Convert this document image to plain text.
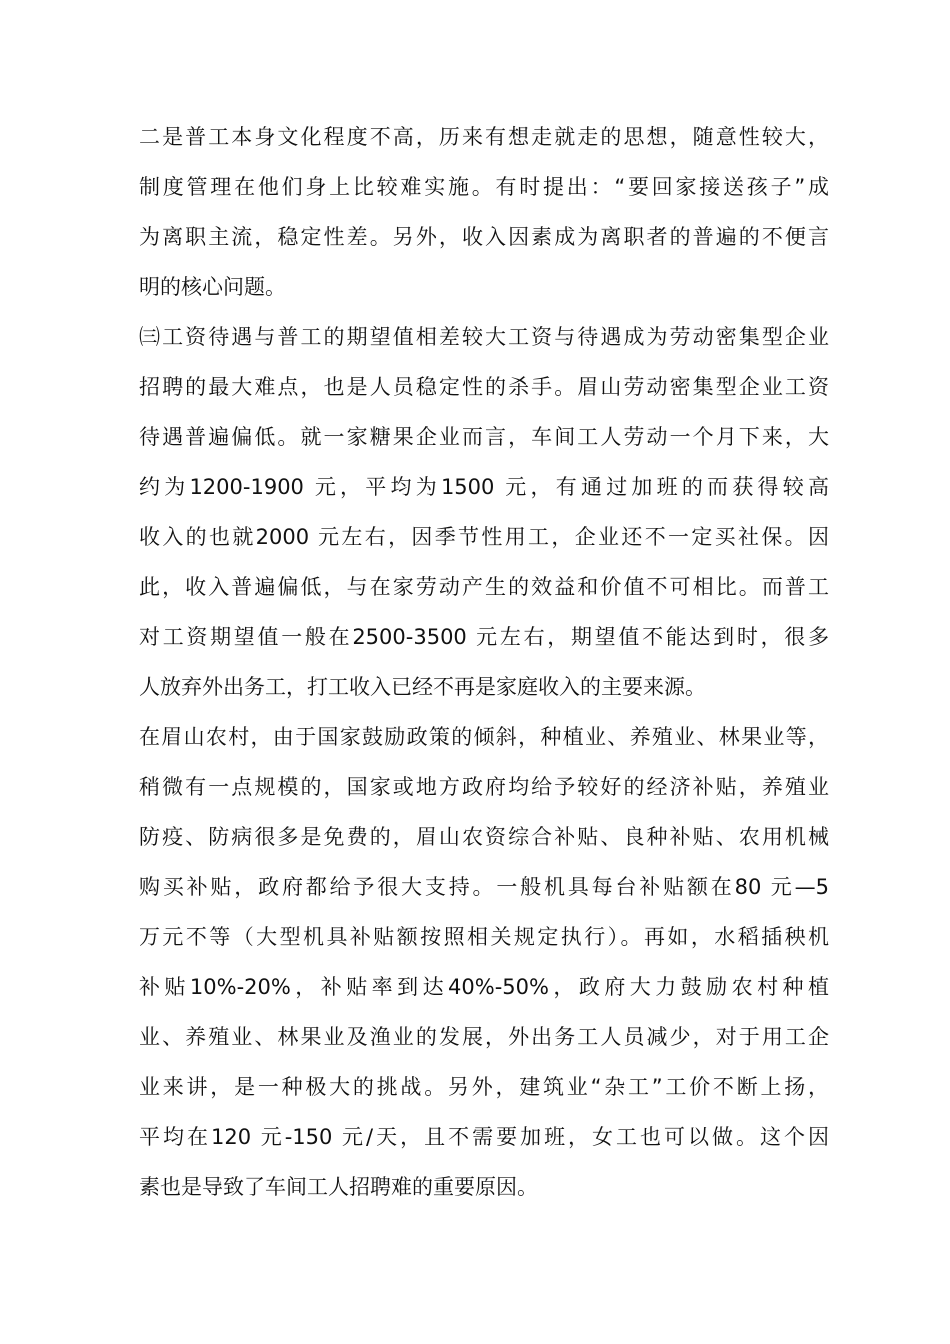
二是普工本身文化程度不高，历来有想走就走的思想，随意性较大，
制度管理在他们身上比较难实施。有时提出：“要回家接送孩子”成
为离职主流，稳定性差。另外，收入因素成为离职者的普遍的不便言
明的核心问题。
㈢工资待遇与普工的期望值相差较大工资与待遇成为劳动密集型企业
招聘的最大难点，也是人员稳定性的杀手。眉山劳动密集型企业工资
待遇普遍偏低。就一家糖果企业而言，车间工人劳动一个月下来，大
约为1200-1900 元，平均为1500 元，有通过加班的而获得较高
收入的也就2000 元左右，因季节性用工，企业还不一定买社保。因
此，收入普遍偏低，与在家劳动产生的效益和价值不可相比。而普工
对工资期望值一般在2500-3500 元左右，期望值不能达到时，很多
人放弃外出务工，打工收入已经不再是家庭收入的主要来源。
在眉山农村，由于国家鼓励政策的倾斜，种植业、养殖业、林果业等，
稍微有一点规模的，国家或地方政府均给予较好的经济补贴，养殖业
防疫、防病很多是免费的，眉山农资综合补贴、良种补贴、农用机械
购买补贴，政府都给予很大支持。一般机具每台补贴额在80 元—5
万元不等（大型机具补贴额按照相关规定执行）。再如，水稻插秧机
补贴10%-20%，补贴率到达40%-50%，政府大力鼓励农村种植
业、养殖业、林果业及渔业的发展，外出务工人员减少，对于用工企
业来讲，是一种极大的挑战。另外，建筑业“杂工”工价不断上扬，
平均在120 元-150 元/天，且不需要加班，女工也可以做。这个因
素也是导致了车间工人招聘难的重要原因。
